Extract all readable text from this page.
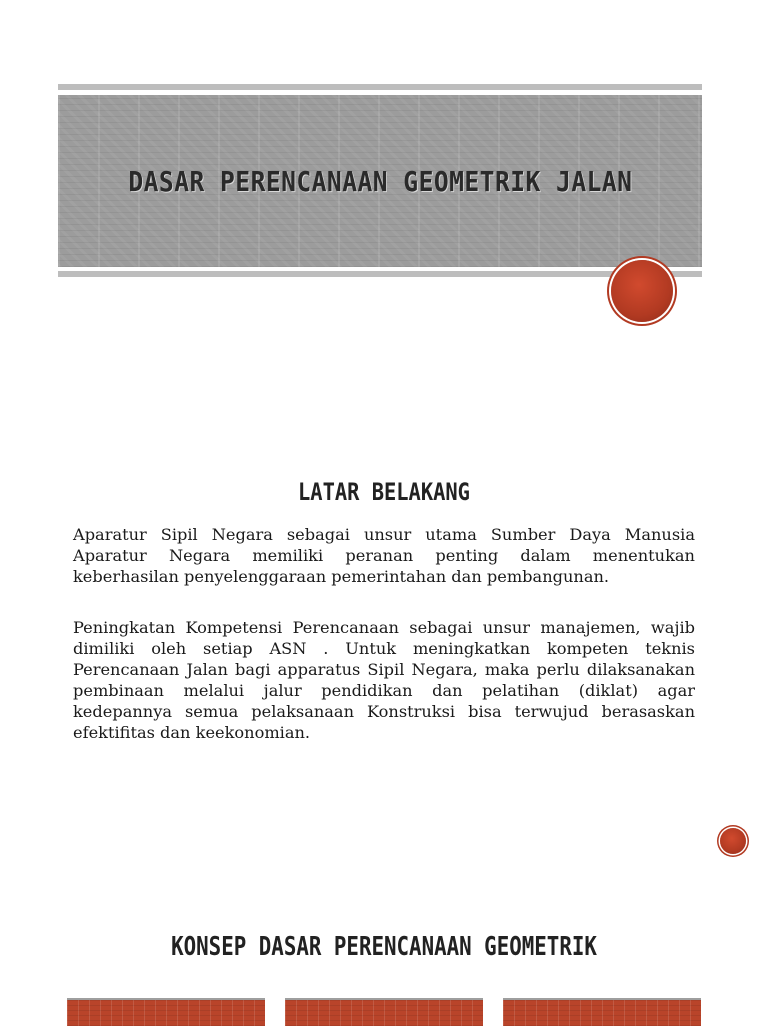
DASAR PERENCANAAN GEOMETRIK JALAN
LATAR BELAKANG

Aparatur Sipil Negara sebagai unsur utama Sumber Daya Manusia Aparatur Negara memiliki peranan penting dalam menentukan keberhasilan penyelenggaraan pemerintahan dan pembangunan.

Peningkatan Kompetensi Perencanaan sebagai unsur manajemen, wajib dimiliki oleh setiap ASN . Untuk meningkatkan kompeten teknis Perencanaan Jalan bagi apparatus Sipil Negara, maka perlu dilaksanakan pembinaan melalui jalur pendidikan dan pelatihan (diklat) agar kedepannya semua pelaksanaan Konstruksi bisa terwujud berasaskan efektifitas dan keekonomian.

KONSEP DASAR PERENCANAAN GEOMETRIK
